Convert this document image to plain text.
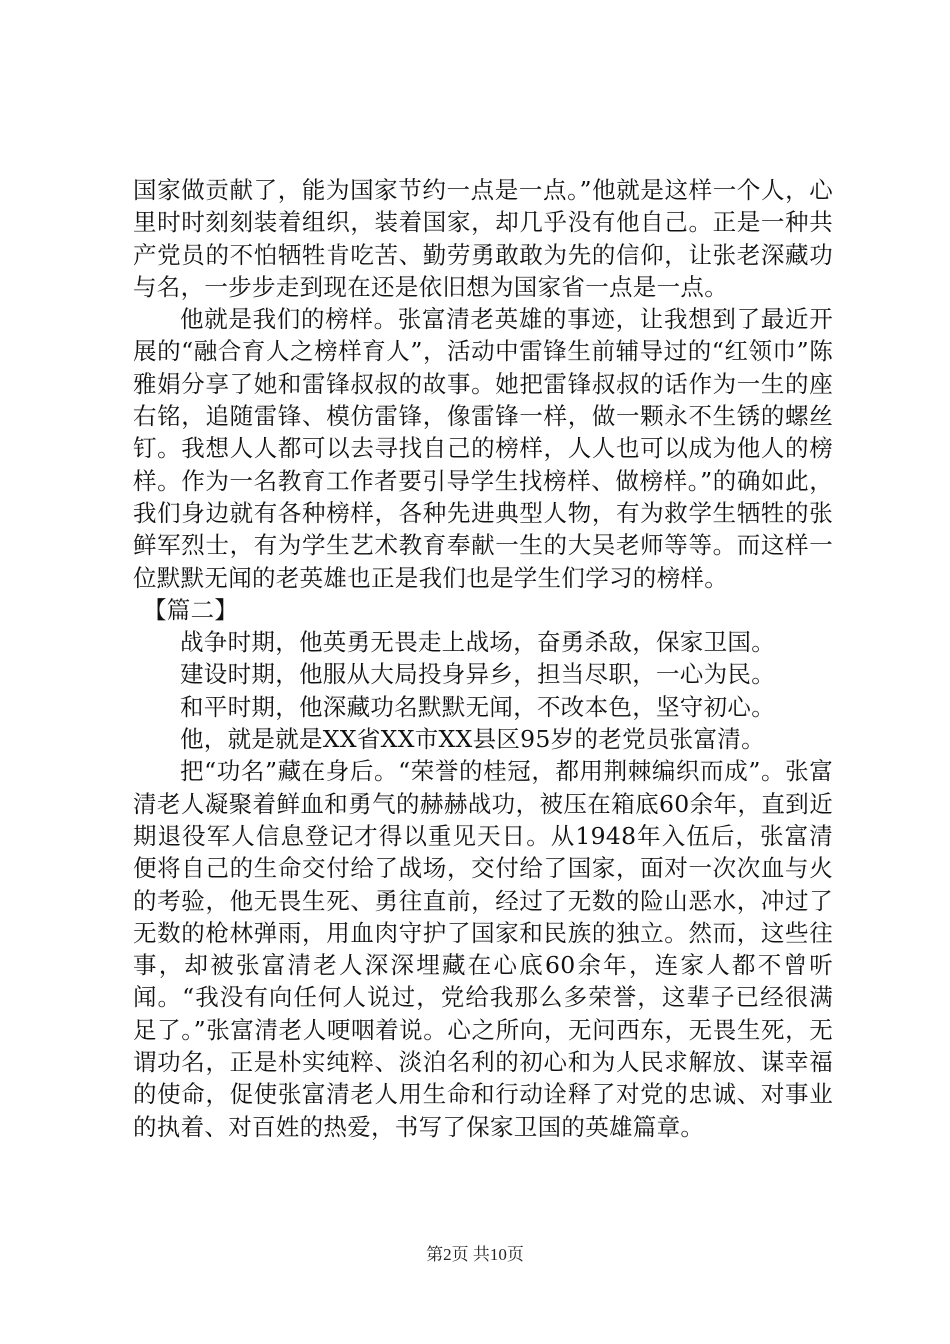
国家做贡献了，能为国家节约一点是一点。”他就是这样一个人，心里时时刻刻装着组织，装着国家，却几乎没有他自己。正是一种共产党员的不怕牺牲肯吃苦、勤劳勇敢敢为先的信仰，让张老深藏功与名，一步步走到现在还是依旧想为国家省一点是一点。

他就是我们的榜样。张富清老英雄的事迹，让我想到了最近开展的“融合育人之榜样育人”，活动中雷锋生前辅导过的“红领巾”陈雅娟分享了她和雷锋叔叔的故事。她把雷锋叔叔的话作为一生的座右铭，追随雷锋、模仿雷锋，像雷锋一样，做一颗永不生锈的螺丝钉。我想人人都可以去寻找自己的榜样，人人也可以成为他人的榜样。作为一名教育工作者要引导学生找榜样、做榜样。”的确如此，我们身边就有各种榜样，各种先进典型人物，有为救学生牺牲的张鲜军烈士，有为学生艺术教育奉献一生的大吴老师等等。而这样一位默默无闻的老英雄也正是我们也是学生们学习的榜样。

【篇二】

战争时期，他英勇无畏走上战场，奋勇杀敌，保家卫国。

建设时期，他服从大局投身异乡，担当尽职，一心为民。

和平时期，他深藏功名默默无闻，不改本色，坚守初心。

他，就是就是XX省XX市XX县区95岁的老党员张富清。

把“功名”藏在身后。“荣誉的桂冠，都用荆棘编织而成”。张富清老人凝聚着鲜血和勇气的赫赫战功，被压在箱底60余年，直到近期退役军人信息登记才得以重见天日。从1948年入伍后，张富清便将自己的生命交付给了战场，交付给了国家，面对一次次血与火的考验，他无畏生死、勇往直前，经过了无数的险山恶水，冲过了无数的枪林弹雨，用血肉守护了国家和民族的独立。然而，这些往事，却被张富清老人深深埋藏在心底60余年，连家人都不曾听闻。“我没有向任何人说过，党给我那么多荣誉，这辈子已经很满足了。”张富清老人哽咽着说。心之所向，无问西东，无畏生死，无谓功名，正是朴实纯粹、淡泊名利的初心和为人民求解放、谋幸福的使命，促使张富清老人用生命和行动诠释了对党的忠诚、对事业的执着、对百姓的热爱，书写了保家卫国的英雄篇章。

第2页 共10页
